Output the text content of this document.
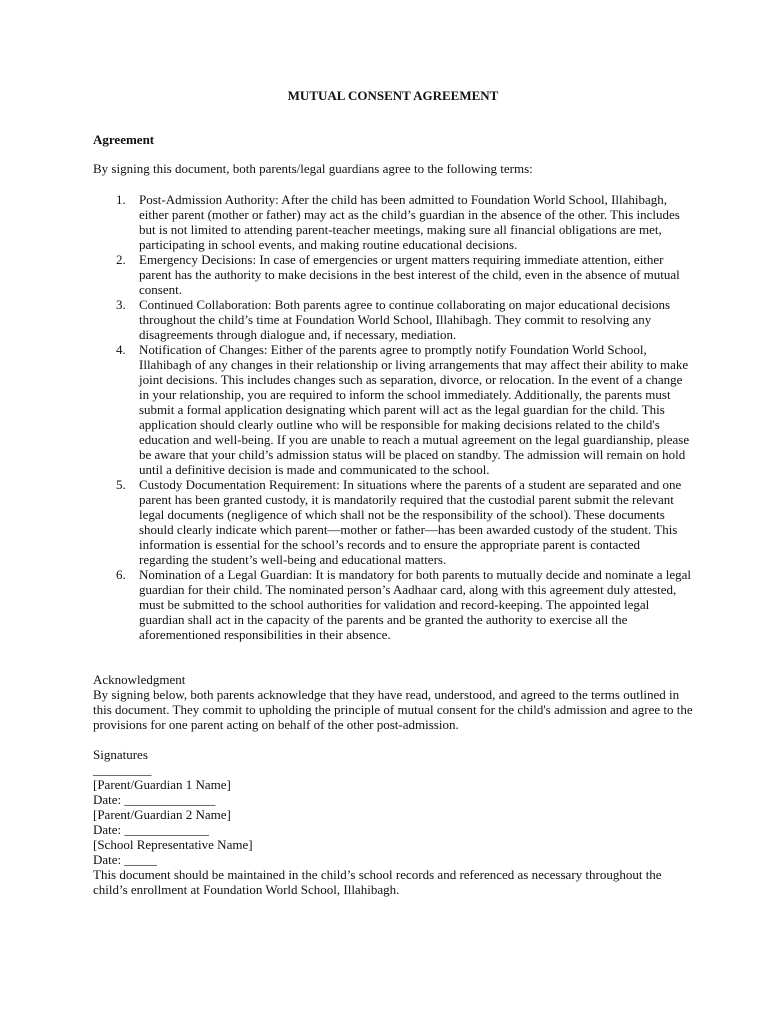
MUTUAL CONSENT AGREEMENT
Agreement
By signing this document, both parents/legal guardians agree to the following terms:
1. Post-Admission Authority: After the child has been admitted to Foundation World School, Illahibagh, either parent (mother or father) may act as the child’s guardian in the absence of the other. This includes but is not limited to attending parent-teacher meetings, making sure all financial obligations are met, participating in school events, and making routine educational decisions.
2. Emergency Decisions: In case of emergencies or urgent matters requiring immediate attention, either parent has the authority to make decisions in the best interest of the child, even in the absence of mutual consent.
3. Continued Collaboration: Both parents agree to continue collaborating on major educational decisions throughout the child’s time at Foundation World School, Illahibagh. They commit to resolving any disagreements through dialogue and, if necessary, mediation.
4. Notification of Changes: Either of the parents agree to promptly notify Foundation World School, Illahibagh of any changes in their relationship or living arrangements that may affect their ability to make joint decisions. This includes changes such as separation, divorce, or relocation. In the event of a change in your relationship, you are required to inform the school immediately. Additionally, the parents must submit a formal application designating which parent will act as the legal guardian for the child. This application should clearly outline who will be responsible for making decisions related to the child's education and well-being. If you are unable to reach a mutual agreement on the legal guardianship, please be aware that your child’s admission status will be placed on standby. The admission will remain on hold until a definitive decision is made and communicated to the school.
5. Custody Documentation Requirement: In situations where the parents of a student are separated and one parent has been granted custody, it is mandatorily required that the custodial parent submit the relevant legal documents (negligence of which shall not be the responsibility of the school). These documents should clearly indicate which parent—mother or father—has been awarded custody of the student. This information is essential for the school’s records and to ensure the appropriate parent is contacted regarding the student’s well-being and educational matters.
6. Nomination of a Legal Guardian: It is mandatory for both parents to mutually decide and nominate a legal guardian for their child. The nominated person’s Aadhaar card, along with this agreement duly attested, must be submitted to the school authorities for validation and record-keeping. The appointed legal guardian shall act in the capacity of the parents and be granted the authority to exercise all the aforementioned responsibilities in their absence.
Acknowledgment
By signing below, both parents acknowledge that they have read, understood, and agreed to the terms outlined in this document. They commit to upholding the principle of mutual consent for the child's admission and agree to the provisions for one parent acting on behalf of the other post-admission.
Signatures
_________
[Parent/Guardian 1 Name]
Date: ______________
[Parent/Guardian 2 Name]
Date: _____________
[School Representative Name]
Date: _____
This document should be maintained in the child’s school records and referenced as necessary throughout the child’s enrollment at Foundation World School, Illahibagh.
